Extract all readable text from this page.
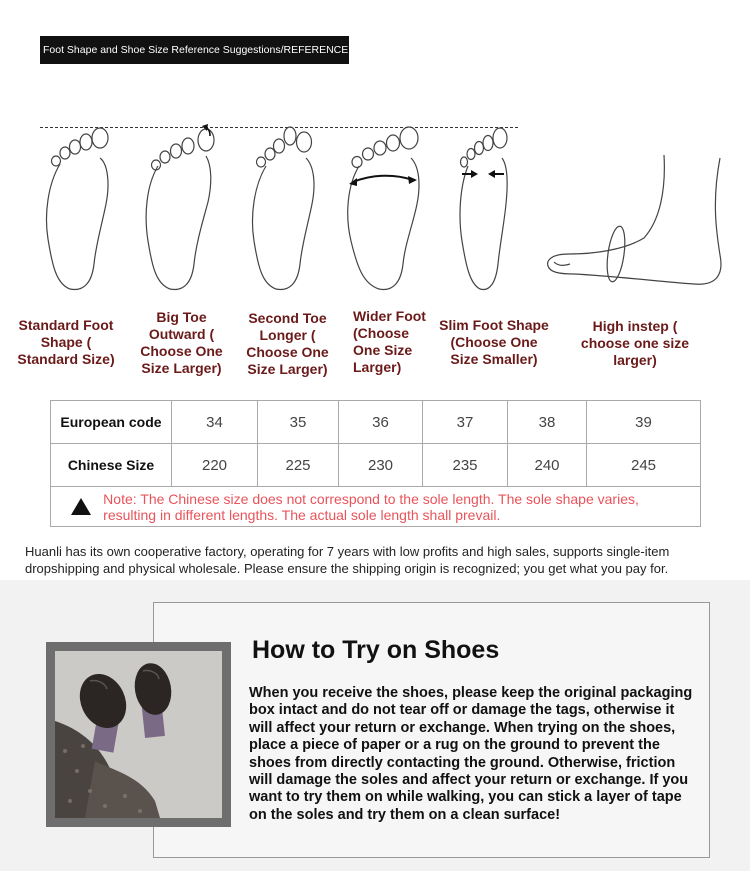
Foot Shape and Shoe Size Reference Suggestions/REFERENCE
Standard Foot
Shape (
Standard Size)
Big Toe
Outward (
Choose One
Size Larger)
Second Toe
Longer (
Choose One
Size Larger)
Wider Foot
(Choose
One Size
Larger)
Slim Foot Shape
(Choose One
Size Smaller)
High instep (
choose one size
larger)
European code	34	35	36	37	38	39
Chinese Size	220	225	230	235	240	245

Note: The Chinese size does not correspond to the sole length. The sole shape varies,
resulting in different lengths. The actual sole length shall prevail.						
Huanli has its own cooperative factory, operating for 7 years with low profits and high sales, supports single-item dropshipping and physical wholesale. Please ensure the shipping origin is recognized; you get what you pay for.
How to Try on Shoes
When you receive the shoes, please keep the original packaging box intact and do not tear off or damage the tags, otherwise it will affect your return or exchange. When trying on the shoes, place a piece of paper or a rug on the ground to prevent the shoes from directly contacting the ground. Otherwise, friction will damage the soles and affect your return or exchange. If you want to try them on while walking, you can stick a layer of tape on the soles and try them on a clean surface!
